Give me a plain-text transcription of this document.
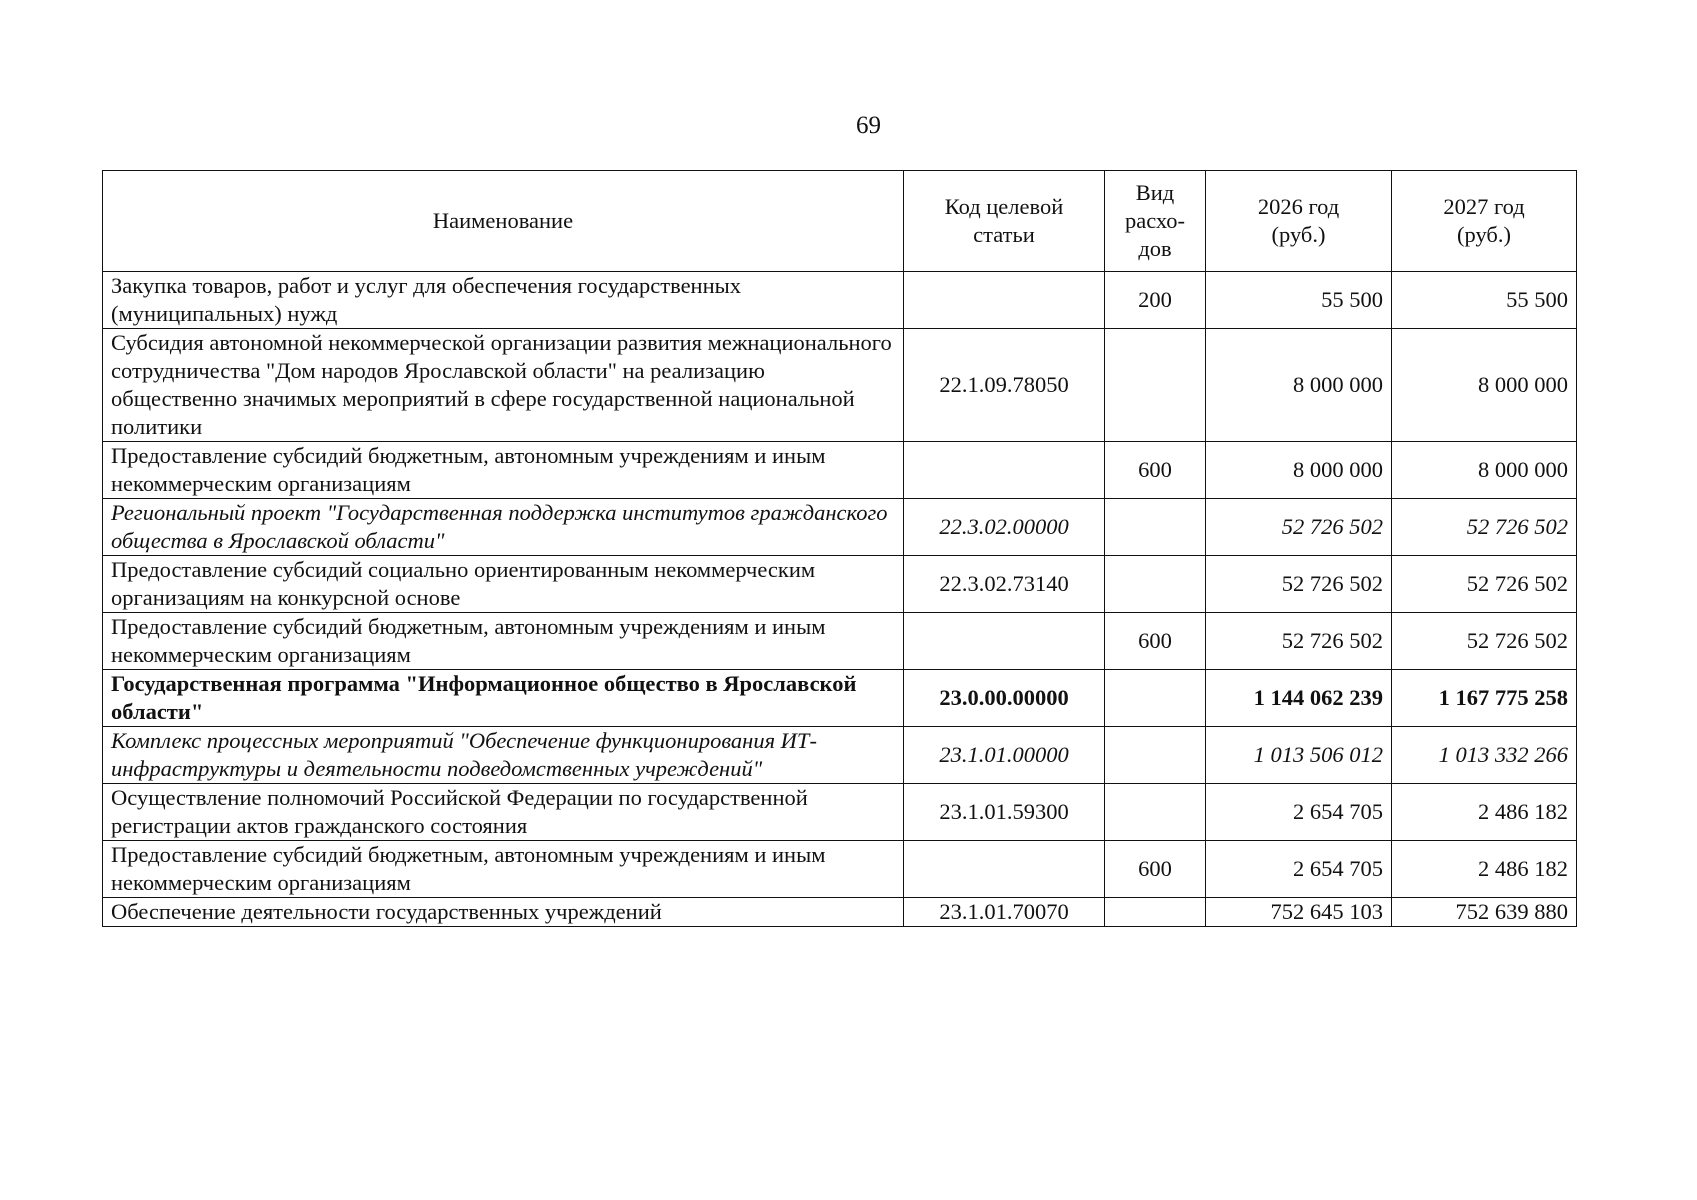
69
Наименование	Код целевой статьи	Вид расхо-дов	2026 год (руб.)	2027 год (руб.)
Закупка товаров, работ и услуг для обеспечения государственных (муниципальных) нужд		200	55 500	55 500
Субсидия автономной некоммерческой организации развития межнационального сотрудничества "Дом народов Ярославской области" на реализацию общественно значимых мероприятий в сфере государственной национальной политики	22.1.09.78050		8 000 000	8 000 000
Предоставление субсидий бюджетным, автономным учреждениям и иным некоммерческим организациям		600	8 000 000	8 000 000
Региональный проект "Государственная поддержка институтов гражданского общества в Ярославской области"	22.3.02.00000		52 726 502	52 726 502
Предоставление субсидий социально ориентированным некоммерческим организациям на конкурсной основе	22.3.02.73140		52 726 502	52 726 502
Предоставление субсидий бюджетным, автономным учреждениям и иным некоммерческим организациям		600	52 726 502	52 726 502
Государственная программа "Информационное общество в Ярославской области"	23.0.00.00000		1 144 062 239	1 167 775 258
Комплекс процессных мероприятий "Обеспечение функционирования ИТ-инфраструктуры и деятельности подведомственных учреждений"	23.1.01.00000		1 013 506 012	1 013 332 266
Осуществление полномочий Российской Федерации по государственной регистрации актов гражданского состояния	23.1.01.59300		2 654 705	2 486 182
Предоставление субсидий бюджетным, автономным учреждениям и иным некоммерческим организациям		600	2 654 705	2 486 182
Обеспечение деятельности государственных учреждений	23.1.01.70070		752 645 103	752 639 880
